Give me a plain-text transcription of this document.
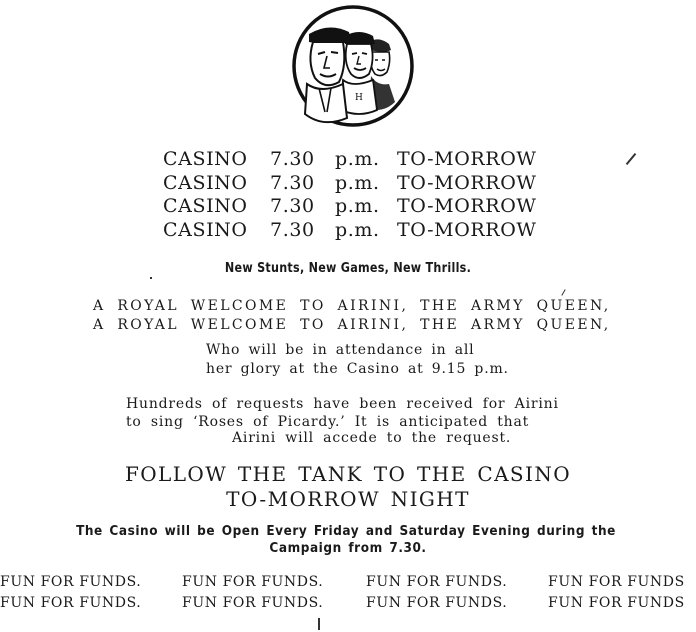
H
CASINO	7.30	p.m. TO-MORROW
CASINO	7.30	p.m. TO-MORROW
CASINO	7.30	p.m. TO-MORROW
CASINO	7.30	p.m. TO-MORROW
New Stunts, New Games, New Thrills.
A ROYAL WELCOME TO AIRINI, THE ARMY QUEEN,
A ROYAL WELCOME TO AIRINI, THE ARMY QUEEN,
Who will be in attendance in all
her glory at the Casino at 9.15 p.m.
Hundreds of requests have been received for Airini
to sing ‘Roses of Picardy.’ It is anticipated that
Airini will accede to the request.
FOLLOW THE TANK TO THE CASINO
TO-MORROW NIGHT
The Casino will be Open Every Friday and Saturday Evening during the
Campaign from 7.30.
FUN FOR FUNDS.	FUN FOR FUNDS.	FUN FOR FUNDS.	FUN FOR FUNDS
FUN FOR FUNDS.	FUN FOR FUNDS.	FUN FOR FUNDS.	FUN FOR FUNDS
